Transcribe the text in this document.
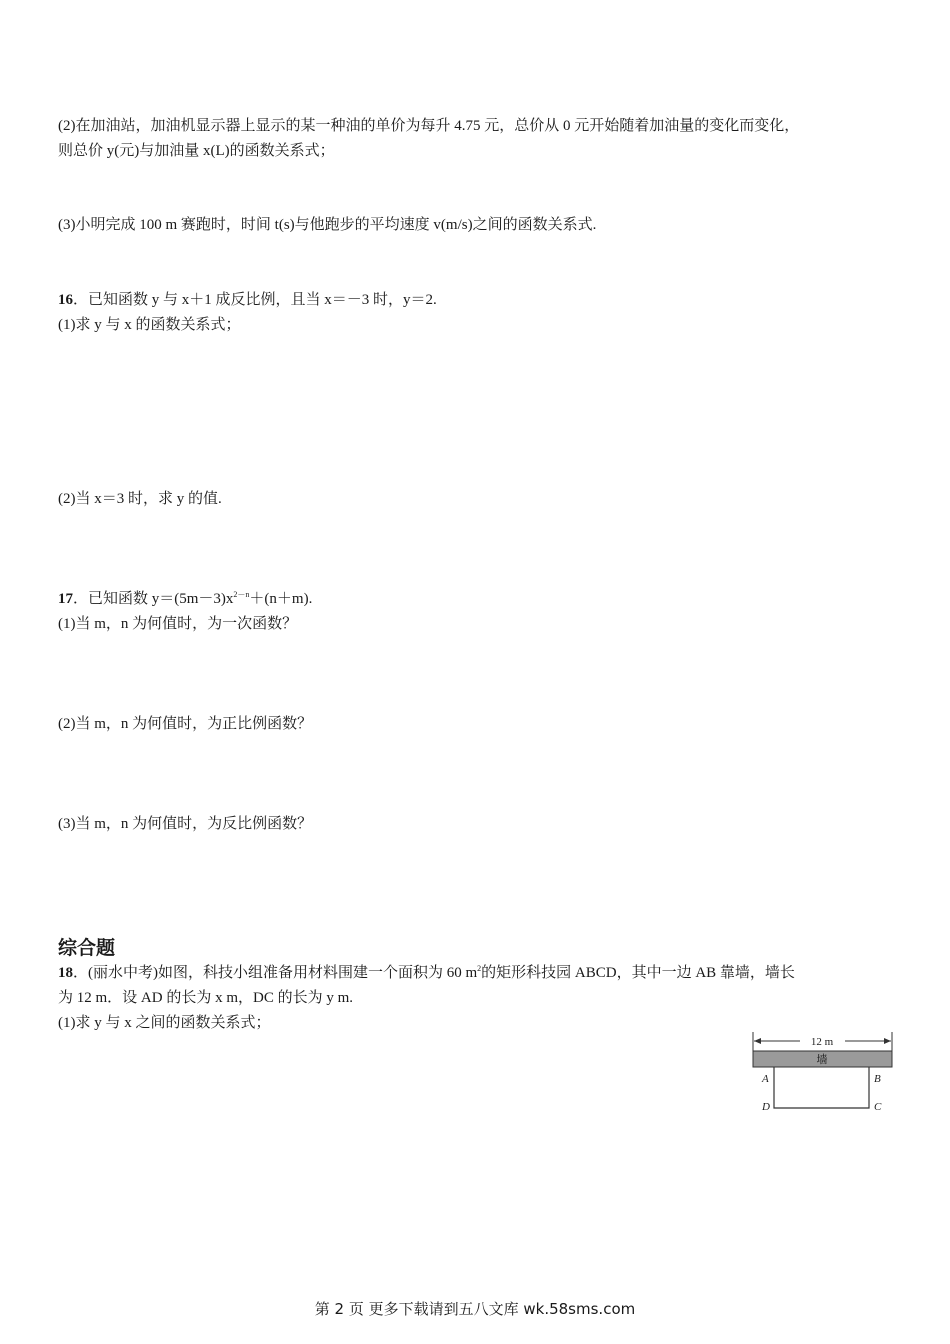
(2)在加油站，加油机显示器上显示的某一种油的单价为每升 4.75 元，总价从 0 元开始随着加油量的变化而变化，
则总价 y(元)与加油量 x(L)的函数关系式；
(3)小明完成 100 m 赛跑时，时间 t(s)与他跑步的平均速度 v(m/s)之间的函数关系式.
16．已知函数 y 与 x＋1 成反比例，且当 x＝－3 时，y＝2.
(1)求 y 与 x 的函数关系式；
(2)当 x＝3 时，求 y 的值.
17．已知函数 $y=(5m-3)x^{2-n}+(n+m)$.
(1)当 m，n 为何值时，为一次函数？
(2)当 m，n 为何值时，为正比例函数？
(3)当 m，n 为何值时，为反比例函数？
综合题
18．(丽水中考)如图，科技小组准备用材料围建一个面积为 60 $m^2$的矩形科技园 ABCD，其中一边 AB 靠墙，墙长
为 12 m．设 AD 的长为 x m，DC 的长为 y m.
(1)求 y 与 x 之间的函数关系式；
12 m
墙
A	B
D	C
第 2 页 更多下载请到五八文库 wk.58sms.com
